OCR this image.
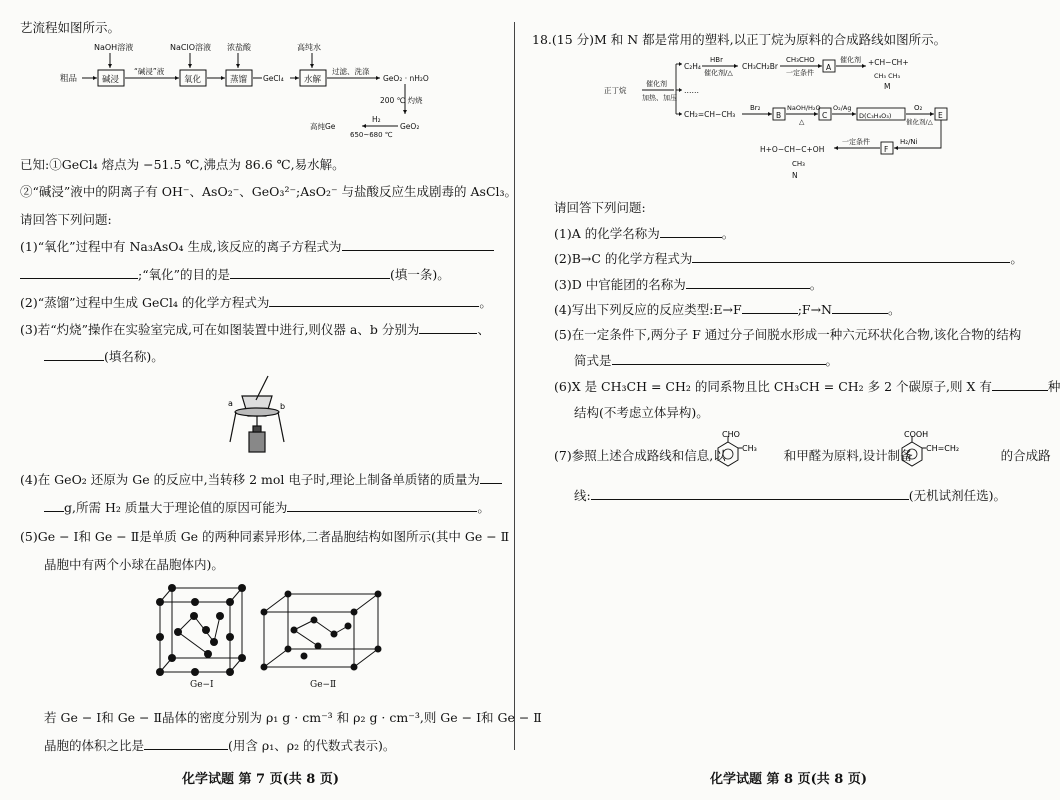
艺流程如图所示。
NaOH溶液	NaClO溶液 浓盐酸	高纯水
粗品	碱浸
“碱浸”液
氧化	蒸馏 GeCl₄ 水解
过滤、洗涤
GeO₂ · nH₂O
200 ℃ 灼烧
H₂
650~680 ℃
高纯Ge	GeO₂
已知:①GeCl₄ 熔点为 −51.5 ℃,沸点为 86.6 ℃,易水解。
②“碱浸”液中的阴离子有 OH⁻、AsO₂⁻、GeO₃²⁻;AsO₂⁻ 与盐酸反应生成剧毒的 AsCl₃。
请回答下列问题:
(1)“氧化”过程中有 Na₃AsO₄ 生成,该反应的离子方程式为
;“氧化”的目的是	(填一条)。
(2)“蒸馏”过程中生成 GeCl₄ 的化学方程式为	。
(3)若“灼烧”操作在实验室完成,可在如图装置中进行,则仪器 a、b 分别为	、
(填名称)。
a	b
(4)在 GeO₂ 还原为 Ge 的反应中,当转移 2 mol 电子时,理论上制备单质锗的质量为
g,所需 H₂ 质量大于理论值的原因可能为	。
(5)Ge − Ⅰ和 Ge − Ⅱ是单质 Ge 的两种同素异形体,二者晶胞结构如图所示(其中 Ge − Ⅱ
晶胞中有两个小球在晶胞体内)。
Ge−Ⅰ	Ge−Ⅱ
若 Ge − Ⅰ和 Ge − Ⅱ晶体的密度分别为 ρ₁ g · cm⁻³ 和 ρ₂ g · cm⁻³,则 Ge − Ⅰ和 Ge − Ⅱ
晶胞的体积之比是	(用含 ρ₁、ρ₂ 的代数式表示)。
化学试题 第 7 页(共 8 页)
18.(15 分)M 和 N 都是常用的塑料,以正丁烷为原料的合成路线如图所示。
正丁烷
催化剂
加热、加压
C₂H₄
HBr
催化剂/△
CH₃CH₂Br
CH₃CHO
一定条件
A
催化剂 +CH−CH+
CH₃ CH₃
M
……
CH₂=CH−CH₃
Br₂
B
NaOH/H₂O
△
C
O₂/Ag
D(C₃H₄O₃)
O₂
催化剂/△
E
H₂/Ni
F
一定条件
H+O−CH−C+OH
CH₃
N
请回答下列问题:
(1)A 的化学名称为	。
(2)B→C 的化学方程式为	。
(3)D 中官能团的名称为	。
(4)写出下列反应的反应类型:E→F	;F→N	。
(5)在一定条件下,两分子 F 通过分子间脱水形成一种六元环状化合物,该化合物的结构
简式是	。
(6)X 是 CH₃CH = CH₂ 的同系物且比 CH₃CH = CH₂ 多 2 个碳原子,则 X 有	种
结构(不考虑立体异构)。
(7)参照上述合成路线和信息,以	和甲醛为原料,设计制备	的合成路
CHO
CH₃
COOH
CH=CH₂
线:	(无机试剂任选)。
化学试题 第 8 页(共 8 页)
